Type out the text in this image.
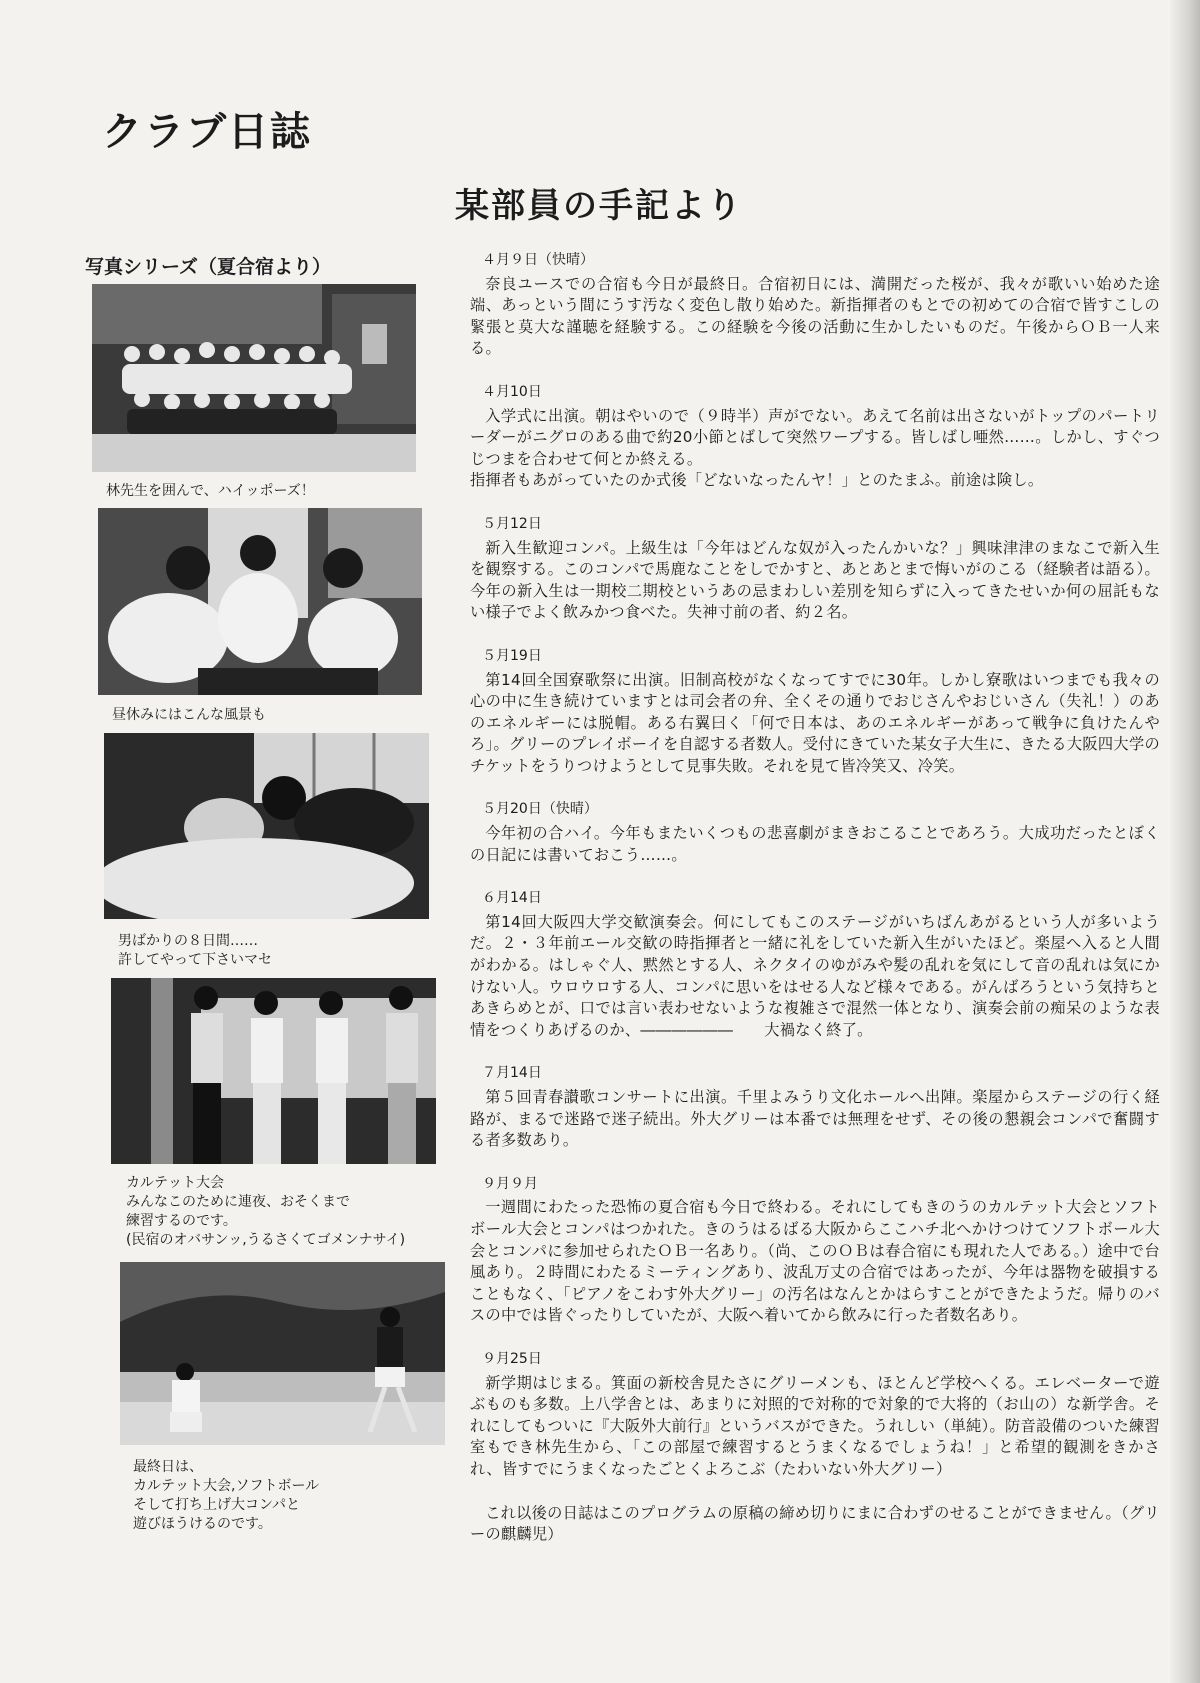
クラブ日誌
某部員の手記より
写真シリーズ（夏合宿より）
林先生を囲んで、ハイッポーズ！
昼休みにはこんな風景も
男ばかりの８日間……
許してやって下さいマセ
カルテット大会
みんなこのために連夜、おそくまで
練習するのです。
(民宿のオバサンッ,うるさくてゴメンナサイ)
最終日は、
カルテット大会,ソフトボール
そして打ち上げ大コンパと
遊びほうけるのです。

４月９日（快晴）

奈良ユースでの合宿も今日が最終日。合宿初日には、満開だった桜が、我々が歌いい始めた途端、あっという間にうす汚なく変色し散り始めた。新指揮者のもとでの初めての合宿で皆すこしの緊張と莫大な謹聴を経験する。この経験を今後の活動に生かしたいものだ。午後からＯＢ一人来る。

４月10日

入学式に出演。朝はやいので（９時半）声がでない。あえて名前は出さないがトップのパートリーダーがニグロのある曲で約20小節とばして突然ワープする。皆しばし唖然……。しかし、すぐつじつまを合わせて何とか終える。
指揮者もあがっていたのか式後「どないなったんヤ！」とのたまふ。前途は険し。

５月12日

新入生歓迎コンパ。上級生は「今年はどんな奴が入ったんかいな？」興味津津のまなこで新入生を観察する。このコンパで馬鹿なことをしでかすと、あとあとまで悔いがのこる（経験者は語る）。今年の新入生は一期校二期校というあの忌まわしい差別を知らずに入ってきたせいか何の屈託もない様子でよく飲みかつ食べた。失神寸前の者、約２名。

５月19日

第14回全国寮歌祭に出演。旧制高校がなくなってすでに30年。しかし寮歌はいつまでも我々の心の中に生き続けていますとは司会者の弁、全くその通りでおじさんやおじいさん（失礼！）のあのエネルギーには脱帽。ある右翼曰く「何で日本は、あのエネルギーがあって戦争に負けたんやろ」。グリーのプレイボーイを自認する者数人。受付にきていた某女子大生に、きたる大阪四大学のチケットをうりつけようとして見事失敗。それを見て皆冷笑又、冷笑。

５月20日（快晴）

今年初の合ハイ。今年もまたいくつもの悲喜劇がまきおこることであろう。大成功だったとぼくの日記には書いておこう……。

６月14日

第14回大阪四大学交歓演奏会。何にしてもこのステージがいちばんあがるという人が多いようだ。２・３年前エール交歓の時指揮者と一緒に礼をしていた新入生がいたほど。楽屋へ入ると人間がわかる。はしゃぐ人、黙然とする人、ネクタイのゆがみや髪の乱れを気にして音の乱れは気にかけない人。ウロウロする人、コンパに思いをはせる人など様々である。がんばろうという気持ちとあきらめとが、口では言い表わせないような複雑さで混然一体となり、演奏会前の痴呆のような表情をつくりあげるのか、――――――　　大禍なく終了。

７月14日

第５回青春讃歌コンサートに出演。千里よみうり文化ホールへ出陣。楽屋からステージの行く経路が、まるで迷路で迷子続出。外大グリーは本番では無理をせず、その後の懇親会コンパで奮闘する者多数あり。

９月９月

一週間にわたった恐怖の夏合宿も今日で終わる。それにしてもきのうのカルテット大会とソフトボール大会とコンパはつかれた。きのうはるばる大阪からここハチ北へかけつけてソフトボール大会とコンパに参加せられたＯＢ一名あり。（尚、このＯＢは春合宿にも現れた人である。）途中で台風あり。２時間にわたるミーティングあり、波乱万丈の合宿ではあったが、今年は器物を破損することもなく、「ピアノをこわす外大グリー」の汚名はなんとかはらすことができたようだ。帰りのバスの中では皆ぐったりしていたが、大阪へ着いてから飲みに行った者数名あり。

９月25日

新学期はじまる。箕面の新校舎見たさにグリーメンも、ほとんど学校へくる。エレベーターで遊ぶものも多数。上八学舎とは、あまりに対照的で対称的で対象的で大将的（お山の）な新学舎。それにしてもついに『大阪外大前行』というバスができた。うれしい（単純）。防音設備のついた練習室もでき林先生から、「この部屋で練習するとうまくなるでしょうね！」と希望的観測をきかされ、皆すでにうまくなったごとくよろこぶ（たわいない外大グリー）

これ以後の日誌はこのプログラムの原稿の締め切りにまに合わずのせることができません。（グリーの麒麟児）
